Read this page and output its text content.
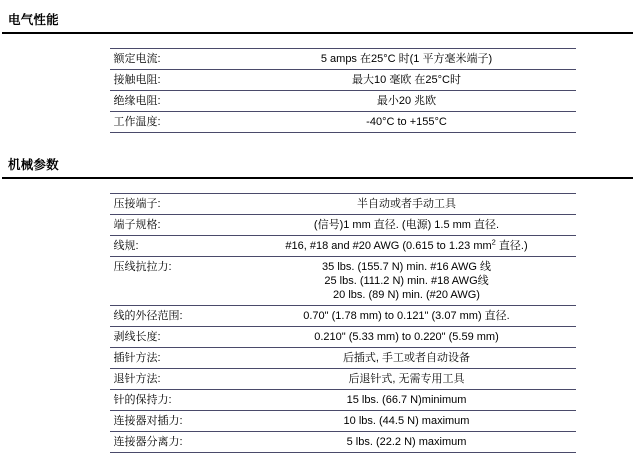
电气性能
额定电流:	5 amps 在25°C 时(1 平方毫米端子)
接触电阻:	最大10 毫欧 在25°C时
绝缘电阻:	最小20 兆欧
工作温度:	-40°C to +155°C
机械参数
压接端子:	半自动或者手动工具
端子规格:	(信号)1 mm 直径. (电源) 1.5 mm 直径.
线规:	#16, #18 and #20 AWG (0.615 to 1.23 $mm^2$ 直径.)
压线抗拉力:	35 lbs. (155.7 N) min. #16 AWG 线
25 lbs. (111.2 N) min. #18 AWG线
20 lbs. (89 N) min. (#20 AWG)

线的外径范围:	0.70" (1.78 mm) to 0.121" (3.07 mm) 直径.
剥线长度:	0.210" (5.33 mm) to 0.220" (5.59 mm)
插针方法:	后插式, 手工或者自动设备
退针方法:	后退针式, 无需专用工具
针的保持力:	15 lbs. (66.7 N)minimum
连接器对插力:	10 lbs. (44.5 N) maximum
连接器分离力:	5 lbs. (22.2 N) maximum
